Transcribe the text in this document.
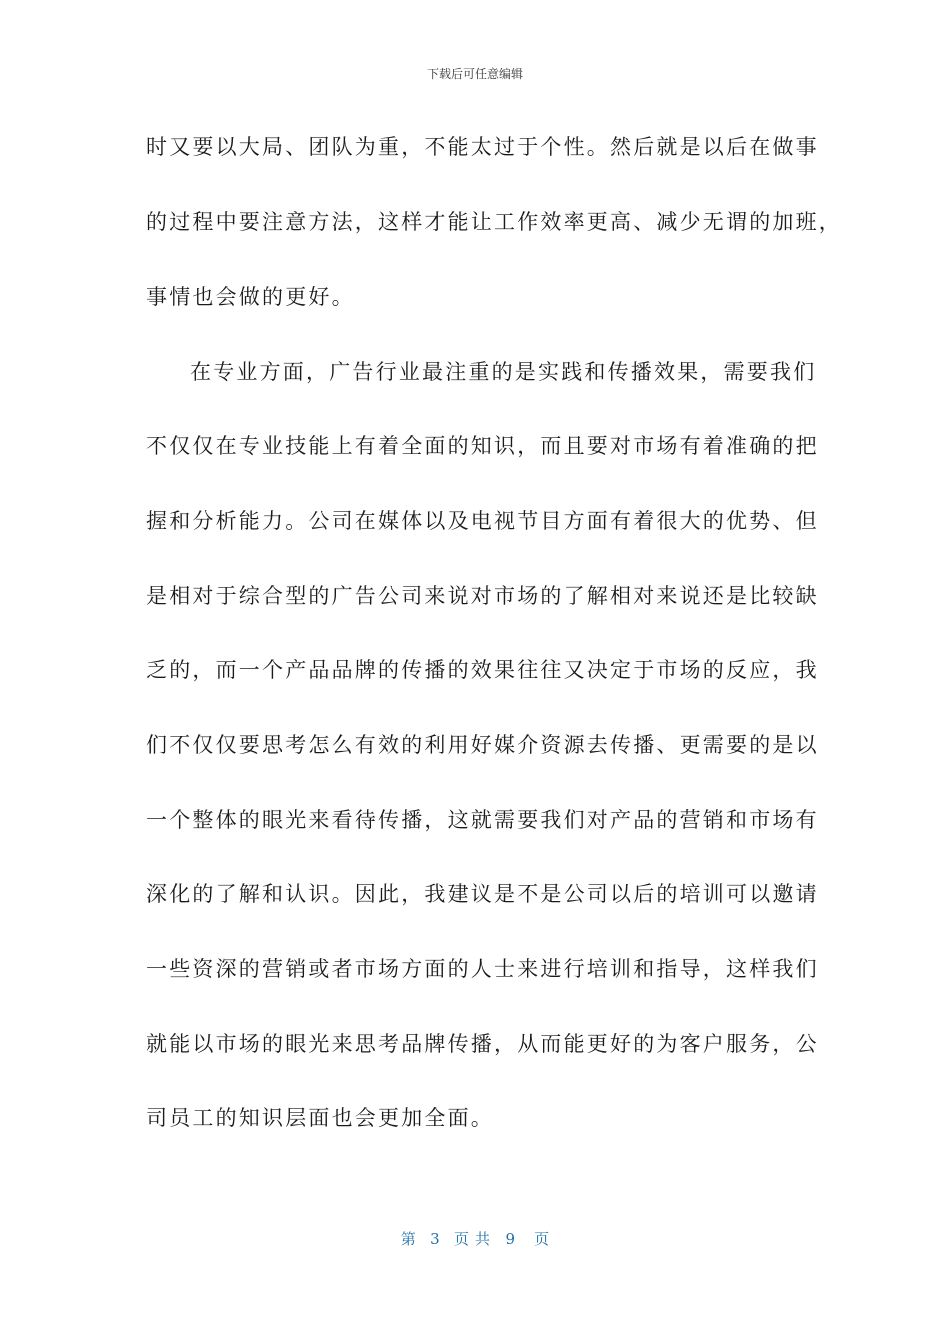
下载后可任意编辑
时又要以大局、团队为重，不能太过于个性。然后就是以后在做事
的过程中要注意方法，这样才能让工作效率更高、减少无谓的加班，
事情也会做的更好。
在专业方面，广告行业最注重的是实践和传播效果，需要我们
不仅仅在专业技能上有着全面的知识，而且要对市场有着准确的把
握和分析能力。公司在媒体以及电视节目方面有着很大的优势、但
是相对于综合型的广告公司来说对市场的了解相对来说还是比较缺
乏的，而一个产品品牌的传播的效果往往又决定于市场的反应，我
们不仅仅要思考怎么有效的利用好媒介资源去传播、更需要的是以
一个整体的眼光来看待传播，这就需要我们对产品的营销和市场有
深化的了解和认识。因此，我建议是不是公司以后的培训可以邀请
一些资深的营销或者市场方面的人士来进行培训和指导，这样我们
就能以市场的眼光来思考品牌传播，从而能更好的为客户服务，公
司员工的知识层面也会更加全面。
第 3 页共 9 页
